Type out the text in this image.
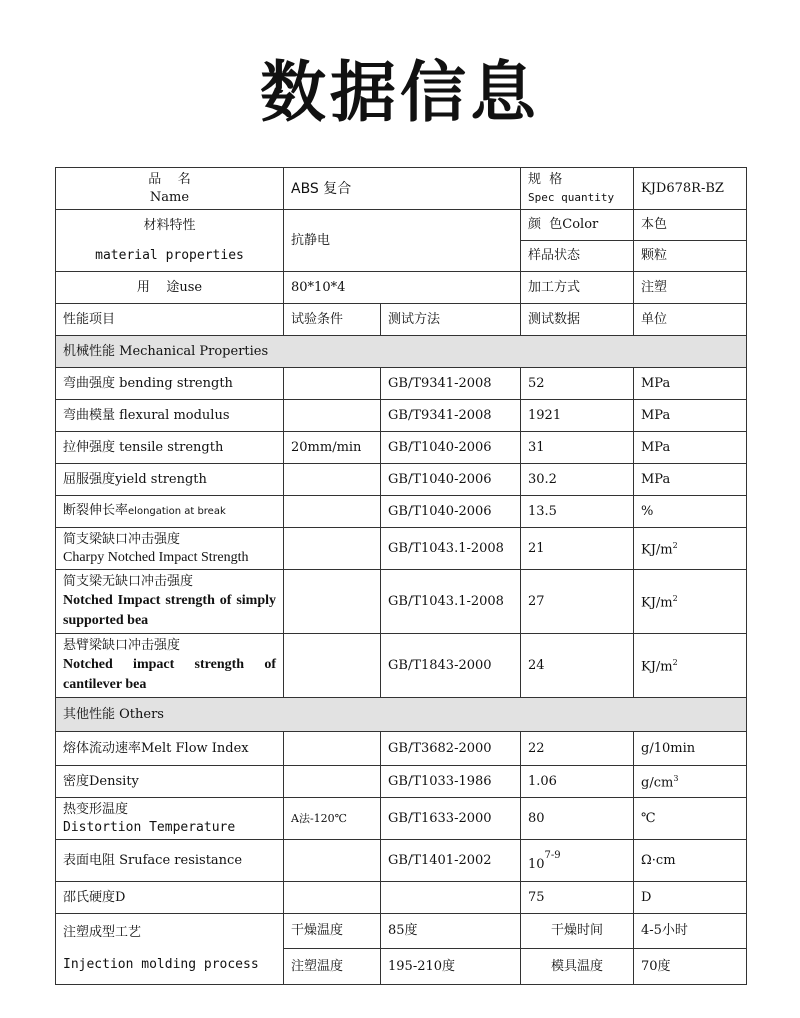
数据信息
品    名
Name	ABS 复合		规  格
Spec quantity	KJD678R-BZ

材料特性
material properties	抗静电		颜  色Color	本色
			样品状态	颗粒
用    途use	80*10*4		加工方式	注塑
性能项目	试验条件	测试方法	测试数据	单位
机械性能 Mechanical Properties				
弯曲强度 bending strength		GB/T9341-2008	52	MPa
弯曲模量 flexural modulus		GB/T9341-2008	1921	MPa
拉伸强度 tensile strength	20mm/min	GB/T1040-2006	31	MPa
屈服强度yield strength		GB/T1040-2006	30.2	MPa
断裂伸长率elongation at break		GB/T1040-2006	13.5	%

简支梁缺口冲击强度
Charpy Notched Impact Strength		GB/T1043.1-2008	21	$KJ/m^2$

简支梁无缺口冲击强度
Notched Impact strength of simply supported bea		GB/T1043.1-2008	27	$KJ/m^2$

悬臂梁缺口冲击强度
Notched impact strength of cantilever bea		GB/T1843-2000	24	$KJ/m^2$
其他性能 Others				
熔体流动速率Melt Flow Index		GB/T3682-2000	22	g/10min
密度Density		GB/T1033-1986	1.06	$g/cm^3$

热变形温度
Distortion Temperature	A法-120℃	GB/T1633-2000	80	℃
表面电阻 Sruface resistance		GB/T1401-2002	10$^{7-9}$	Ω·cm
邵氏硬度D			75	D

注塑成型工艺
Injection molding process	干燥温度	85度	干燥时间	4-5小时
	注塑温度	195-210度	模具温度	70度
